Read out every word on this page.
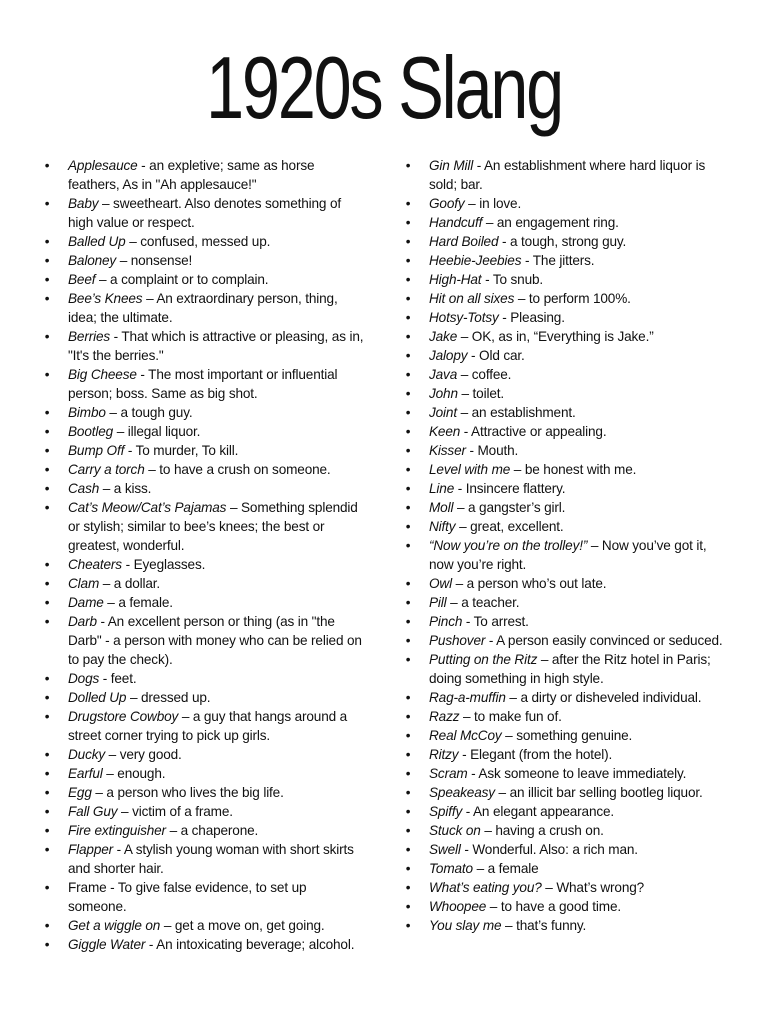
1920s Slang
• Applesauce - an expletive; same as horse feathers, As in "Ah applesauce!"
• Baby – sweetheart. Also denotes something of high value or respect.
• Balled Up – confused, messed up.
• Baloney – nonsense!
• Beef – a complaint or to complain.
• Bee’s Knees – An extraordinary person, thing, idea; the ultimate.
• Berries - That which is attractive or pleasing, as in, "It's the berries."
• Big Cheese - The most important or influential person; boss. Same as big shot.
• Bimbo – a tough guy.
• Bootleg – illegal liquor.
• Bump Off - To murder, To kill.
• Carry a torch – to have a crush on someone.
• Cash – a kiss.
• Cat’s Meow/Cat’s Pajamas – Something splendid or stylish; similar to bee’s knees; the best or greatest, wonderful.
• Cheaters - Eyeglasses.
• Clam – a dollar.
• Dame – a female.
• Darb - An excellent person or thing (as in "the Darb" - a person with money who can be relied on to pay the check).
• Dogs - feet.
• Dolled Up – dressed up.
• Drugstore Cowboy – a guy that hangs around a street corner trying to pick up girls.
• Ducky – very good.
• Earful – enough.
• Egg – a person who lives the big life.
• Fall Guy – victim of a frame.
• Fire extinguisher – a chaperone.
• Flapper - A stylish young woman with short skirts and shorter hair.
• Frame - To give false evidence, to set up someone.
• Get a wiggle on – get a move on, get going.
• Giggle Water - An intoxicating beverage; alcohol.
• Gin Mill - An establishment where hard liquor is sold; bar.
• Goofy – in love.
• Handcuff – an engagement ring.
• Hard Boiled - a tough, strong guy.
• Heebie-Jeebies - The jitters.
• High-Hat - To snub.
• Hit on all sixes – to perform 100%.
• Hotsy-Totsy - Pleasing.
• Jake – OK, as in, “Everything is Jake.”
• Jalopy - Old car.
• Java – coffee.
• John – toilet.
• Joint – an establishment.
• Keen - Attractive or appealing.
• Kisser - Mouth.
• Level with me – be honest with me.
• Line - Insincere flattery.
• Moll – a gangster’s girl.
• Nifty – great, excellent.
• “Now you’re on the trolley!” – Now you’ve got it, now you’re right.
• Owl – a person who’s out late.
• Pill – a teacher.
• Pinch - To arrest.
• Pushover - A person easily convinced or seduced.
• Putting on the Ritz – after the Ritz hotel in Paris; doing something in high style.
• Rag-a-muffin – a dirty or disheveled individual.
• Razz – to make fun of.
• Real McCoy – something genuine.
• Ritzy - Elegant (from the hotel).
• Scram - Ask someone to leave immediately.
• Speakeasy – an illicit bar selling bootleg liquor.
• Spiffy - An elegant appearance.
• Stuck on – having a crush on.
• Swell - Wonderful. Also: a rich man.
• Tomato – a female
• What’s eating you? – What’s wrong?
• Whoopee – to have a good time.
• You slay me – that’s funny.
